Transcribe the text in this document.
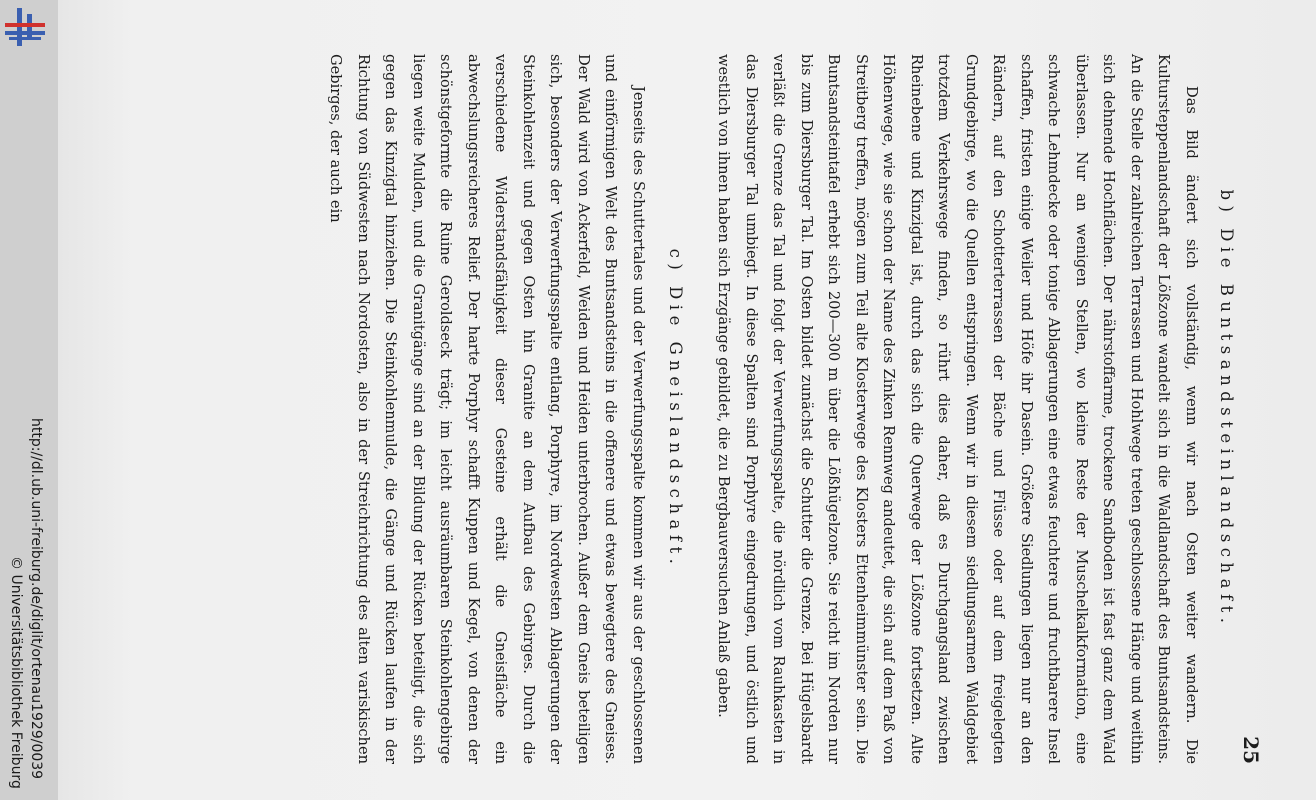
http://dl.ub.uni-freiburg.de/diglit/ortenau1929/0039
© Universitätsbibliothek Freiburg	25

b) Die Buntsandsteinlandschaft.

Das Bild ändert sich vollständig, wenn wir nach Osten weiter wandern. Die Kultursteppenlandschaft der Lößzone wandelt sich in die Waldlandschaft des Buntsandsteins. An die Stelle der zahlreichen Terrassen und Hohlwege treten geschlossene Hänge und weithin sich dehnende Hochflächen. Der nährstoffarme, trockene Sandboden ist fast ganz dem Wald überlassen. Nur an wenigen Stellen, wo kleine Reste der Muschelkalkformation, eine schwache Lehmdecke oder tonige Ablagerungen eine etwas feuchtere und fruchtbarere Insel schaffen, fristen einige Weiler und Höfe ihr Dasein. Größere Siedlungen liegen nur an den Rändern, auf den Schotterterrassen der Bäche und Flüsse oder auf dem freigelegten Grundgebirge, wo die Quellen entspringen. Wenn wir in diesem siedlungsarmen Waldgebiet trotzdem Verkehrswege finden, so rührt dies daher, daß es Durchgangsland zwischen Rheinebene und Kinzigtal ist, durch das sich die Querwege der Lößzone fortsetzen. Alte Höhenwege, wie sie schon der Name des Zinken Rennweg andeutet, die sich auf dem Paß von Streitberg treffen, mögen zum Teil alte Klosterwege des Klosters Ettenheimmünster sein. Die Buntsandsteintafel erhebt sich 200—300 m über die Lößhügelzone. Sie reicht im Norden nur bis zum Diersburger Tal. Im Osten bildet zunächst die Schutter die Grenze. Bei Hügelsbardt verläßt die Grenze das Tal und folgt der Verwerfungsspalte, die nördlich vom Rauhkasten in das Diersburger Tal umbiegt. In diese Spalten sind Porphyre eingedrungen, und östlich und westlich von ihnen haben sich Erzgänge gebildet, die zu Bergbauversuchen Anlaß gaben.

c) Die Gneislandschaft.

Jenseits des Schuttertales und der Verwerfungsspalte kommen wir aus der geschlossenen und einförmigen Welt des Buntsandsteins in die offenere und etwas bewegtere des Gneises. Der Wald wird von Ackerfeld, Weiden und Heiden unterbrochen. Außer dem Gneis beteiligen sich, besonders der Verwerfungsspalte entlang, Porphyre, im Nordwesten Ablagerungen der Steinkohlenzeit und gegen Osten hin Granite an dem Aufbau des Gebirges. Durch die verschiedene Widerstandsfähigkeit dieser Gesteine erhält die Gneisfläche ein abwechslungsreicheres Relief. Der harte Porphyr schafft Kuppen und Kegel, von denen der schönstgeformte die Ruine Geroldseck trägt; im leicht ausräumbaren Steinkohlengebirge liegen weite Mulden, und die Granitgänge sind an der Bildung der Rücken beteiligt, die sich gegen das Kinzigtal hinziehen. Die Steinkohlenmulde, die Gänge und Rücken laufen in der Richtung von Südwesten nach Nordosten, also in der Streichrichtung des alten variskischen Gebirges, der auch ein
